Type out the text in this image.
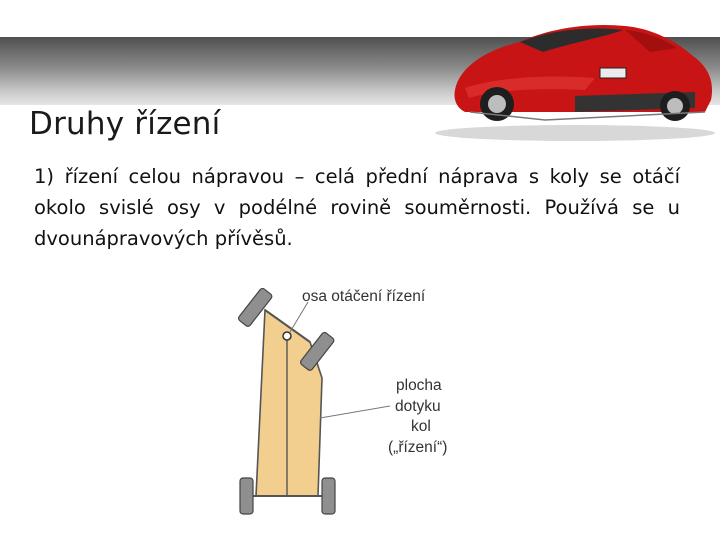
Druhy řízení

1) řízení celou nápravou – celá přední náprava s koly se otáčí okolo svislé osy v podélné rovině souměrnosti. Používá se u dvounápravových přívěsů.

osa otáčení řízení
plocha
dotyku
kol
(„řízení“)
